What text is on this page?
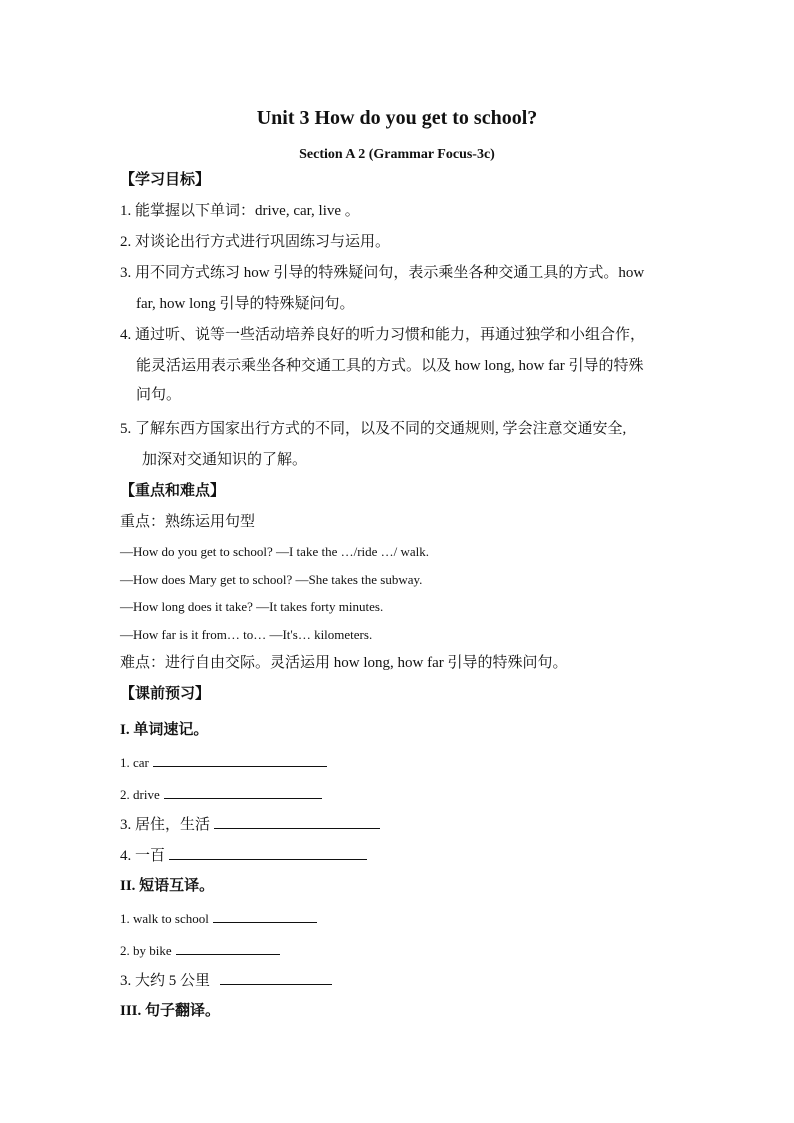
Unit 3 How do you get to school?
Section A 2 (Grammar Focus-3c)
【学习目标】
1. 能掌握以下单词：drive, car, live 。
2. 对谈论出行方式进行巩固练习与运用。
3. 用不同方式练习 how 引导的特殊疑问句，表示乘坐各种交通工具的方式。how
far, how long 引导的特殊疑问句。
4. 通过听、说等一些活动培养良好的听力习惯和能力，再通过独学和小组合作，
能灵活运用表示乘坐各种交通工具的方式。以及 how long, how far 引导的特殊
问句。
5. 了解东西方国家出行方式的不同，以及不同的交通规则, 学会注意交通安全,
加深对交通知识的了解。
【重点和难点】
重点：熟练运用句型
—How do you get to school? —I take the …/ride …/ walk.
—How does Mary get to school? —She takes the subway.
—How long does it take? —It takes forty minutes.
—How far is it from… to… —It's… kilometers.
难点：进行自由交际。灵活运用 how long, how far 引导的特殊问句。
【课前预习】
I. 单词速记。
1. car
2. drive
3. 居住，生活
4. 一百
II. 短语互译。
1. walk to school
2. by bike
3. 大约 5 公里
III. 句子翻译。
